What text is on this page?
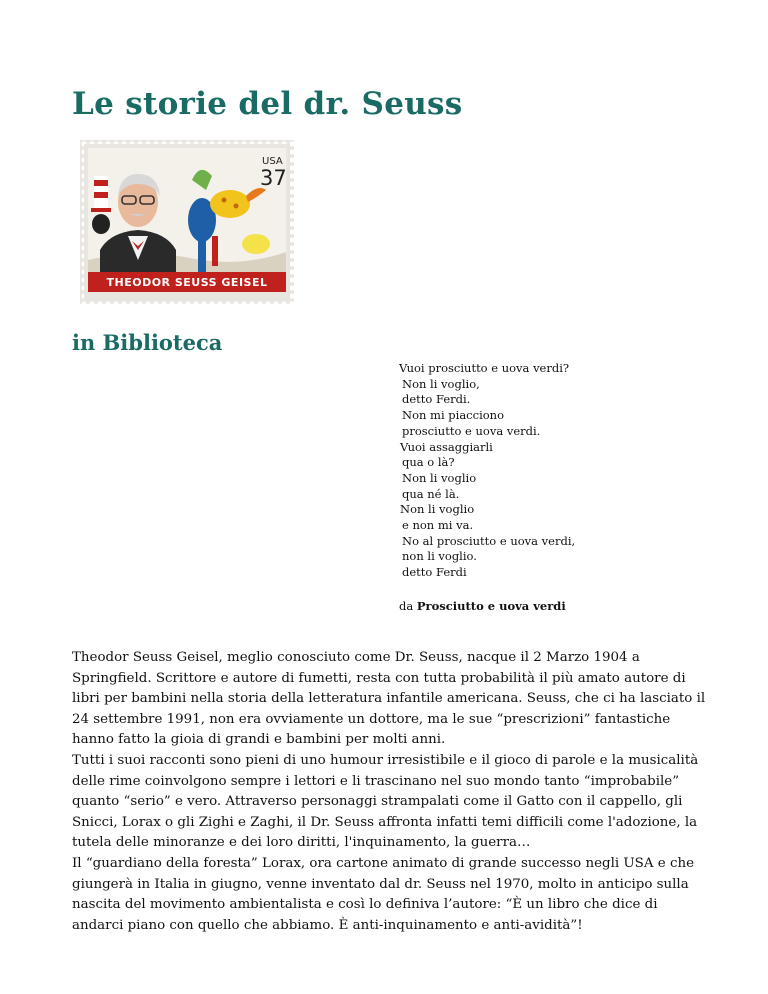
Le storie del dr. Seuss
USA
37
THEODOR SEUSS GEISEL
in Biblioteca
Vuoi prosciutto e uova verdi?
Non li voglio,
detto Ferdi.
Non mi piacciono
prosciutto e uova verdi.
Vuoi assaggiarli
qua o là?
Non li voglio
qua né là.
Non li voglio
e non mi va.
No al prosciutto e uova verdi,
non li voglio.
detto Ferdi
da Prosciutto e uova verdi
Theodor Seuss Geisel, meglio conosciuto come Dr. Seuss, nacque il 2 Marzo 1904 a Springfield. Scrittore e autore di fumetti, resta con tutta probabilità il più amato autore di libri per bambini nella storia della letteratura infantile americana. Seuss, che ci ha lasciato il 24 settembre 1991, non era ovviamente un dottore, ma le sue “prescrizioni” fantastiche hanno fatto la gioia di grandi e bambini per molti anni.
Tutti i suoi racconti sono pieni di uno humour irresistibile e il gioco di parole e la musicalità delle rime coinvolgono sempre i lettori e li trascinano nel suo mondo tanto “improbabile” quanto “serio” e vero. Attraverso personaggi strampalati come il Gatto con il cappello, gli Snicci, Lorax o gli Zighi e Zaghi, il Dr. Seuss affronta infatti temi difficili come l'adozione, la tutela delle minoranze e dei loro diritti, l'inquinamento, la guerra…
Il “guardiano della foresta” Lorax, ora cartone animato di grande successo negli USA e che giungerà in Italia in giugno, venne inventato dal dr. Seuss nel 1970, molto in anticipo sulla nascita del movimento ambientalista e così lo definiva l’autore: “È un libro che dice di andarci piano con quello che abbiamo. È anti-inquinamento e anti-avidità”!
